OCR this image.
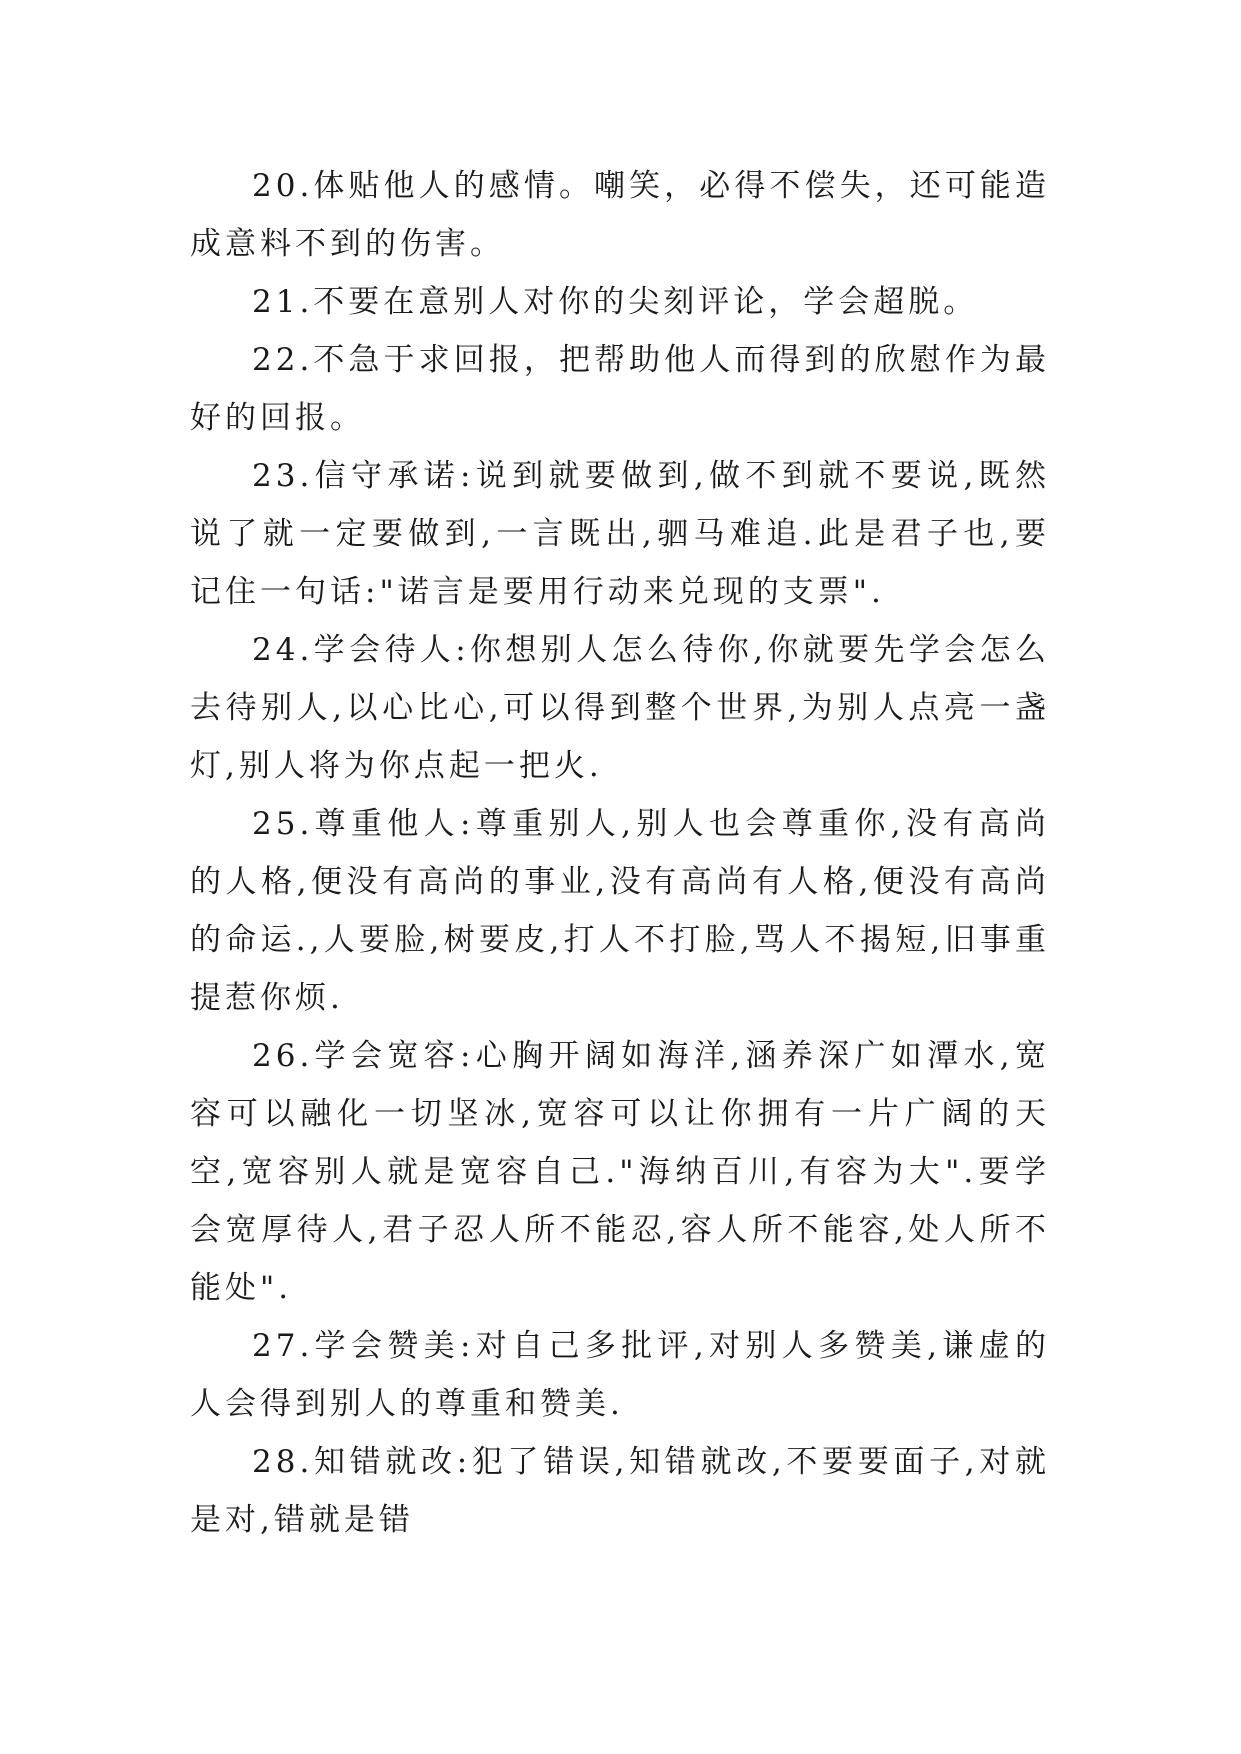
20.体贴他人的感情。嘲笑，必得不偿失，还可能造成意料不到的伤害。

21.不要在意别人对你的尖刻评论，学会超脱。

22.不急于求回报，把帮助他人而得到的欣慰作为最好的回报。

23.信守承诺:说到就要做到,做不到就不要说,既然说了就一定要做到,一言既出,驷马难追.此是君子也,要记住一句话:"诺言是要用行动来兑现的支票".

24.学会待人:你想别人怎么待你,你就要先学会怎么去待别人,以心比心,可以得到整个世界,为别人点亮一盏灯,别人将为你点起一把火.

25.尊重他人:尊重别人,别人也会尊重你,没有高尚的人格,便没有高尚的事业,没有高尚有人格,便没有高尚的命运.,人要脸,树要皮,打人不打脸,骂人不揭短,旧事重提惹你烦.

26.学会宽容:心胸开阔如海洋,涵养深广如潭水,宽容可以融化一切坚冰,宽容可以让你拥有一片广阔的天空,宽容别人就是宽容自己."海纳百川,有容为大".要学会宽厚待人,君子忍人所不能忍,容人所不能容,处人所不能处".

27.学会赞美:对自己多批评,对别人多赞美,谦虚的人会得到别人的尊重和赞美.

28.知错就改:犯了错误,知错就改,不要要面子,对就是对,错就是错
